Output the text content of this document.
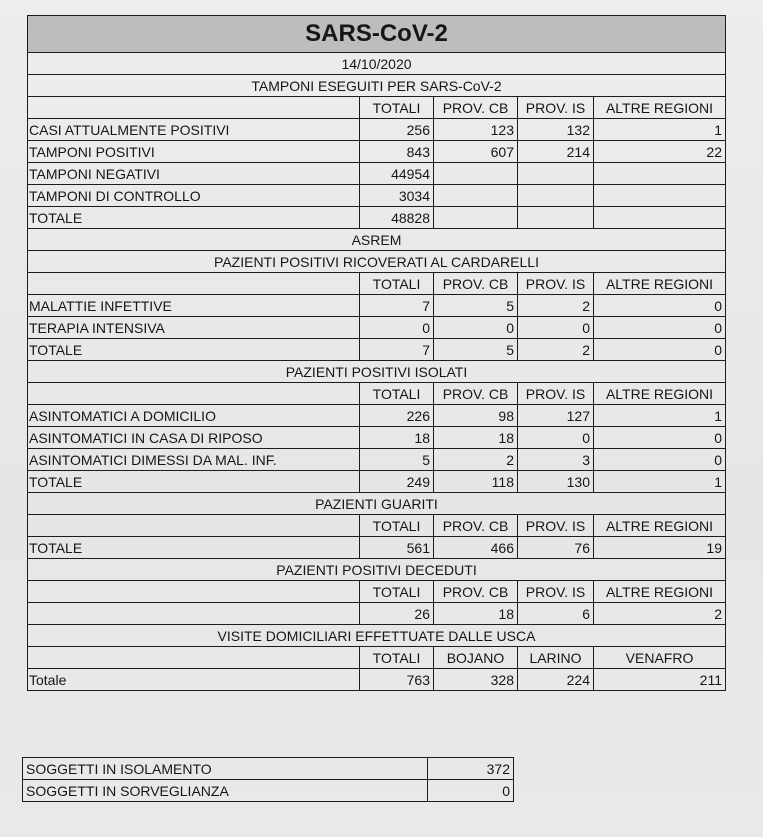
SARS-CoV-2				
14/10/2020				
TAMPONI ESEGUITI PER SARS-CoV-2				
	TOTALI	PROV. CB	PROV. IS	ALTRE REGIONI
CASI ATTUALMENTE POSITIVI	256	123	132	1
TAMPONI POSITIVI	843	607	214	22
TAMPONI NEGATIVI	44954			
TAMPONI DI CONTROLLO	3034			
TOTALE	48828			
ASREM				
PAZIENTI POSITIVI RICOVERATI AL CARDARELLI				
	TOTALI	PROV. CB	PROV. IS	ALTRE REGIONI
MALATTIE INFETTIVE	7	5	2	0
TERAPIA INTENSIVA	0	0	0	0
TOTALE	7	5	2	0
PAZIENTI POSITIVI ISOLATI				
	TOTALI	PROV. CB	PROV. IS	ALTRE REGIONI
ASINTOMATICI A DOMICILIO	226	98	127	1
ASINTOMATICI IN CASA DI RIPOSO	18	18	0	0
ASINTOMATICI DIMESSI DA MAL. INF.	5	2	3	0
TOTALE	249	118	130	1
PAZIENTI GUARITI				
	TOTALI	PROV. CB	PROV. IS	ALTRE REGIONI
TOTALE	561	466	76	19
PAZIENTI POSITIVI DECEDUTI				
	TOTALI	PROV. CB	PROV. IS	ALTRE REGIONI
	26	18	6	2
VISITE DOMICILIARI EFFETTUATE DALLE USCA				
	TOTALI	BOJANO	LARINO	VENAFRO
Totale	763	328	224	211
SOGGETTI IN ISOLAMENTO	372
SOGGETTI IN SORVEGLIANZA	0
